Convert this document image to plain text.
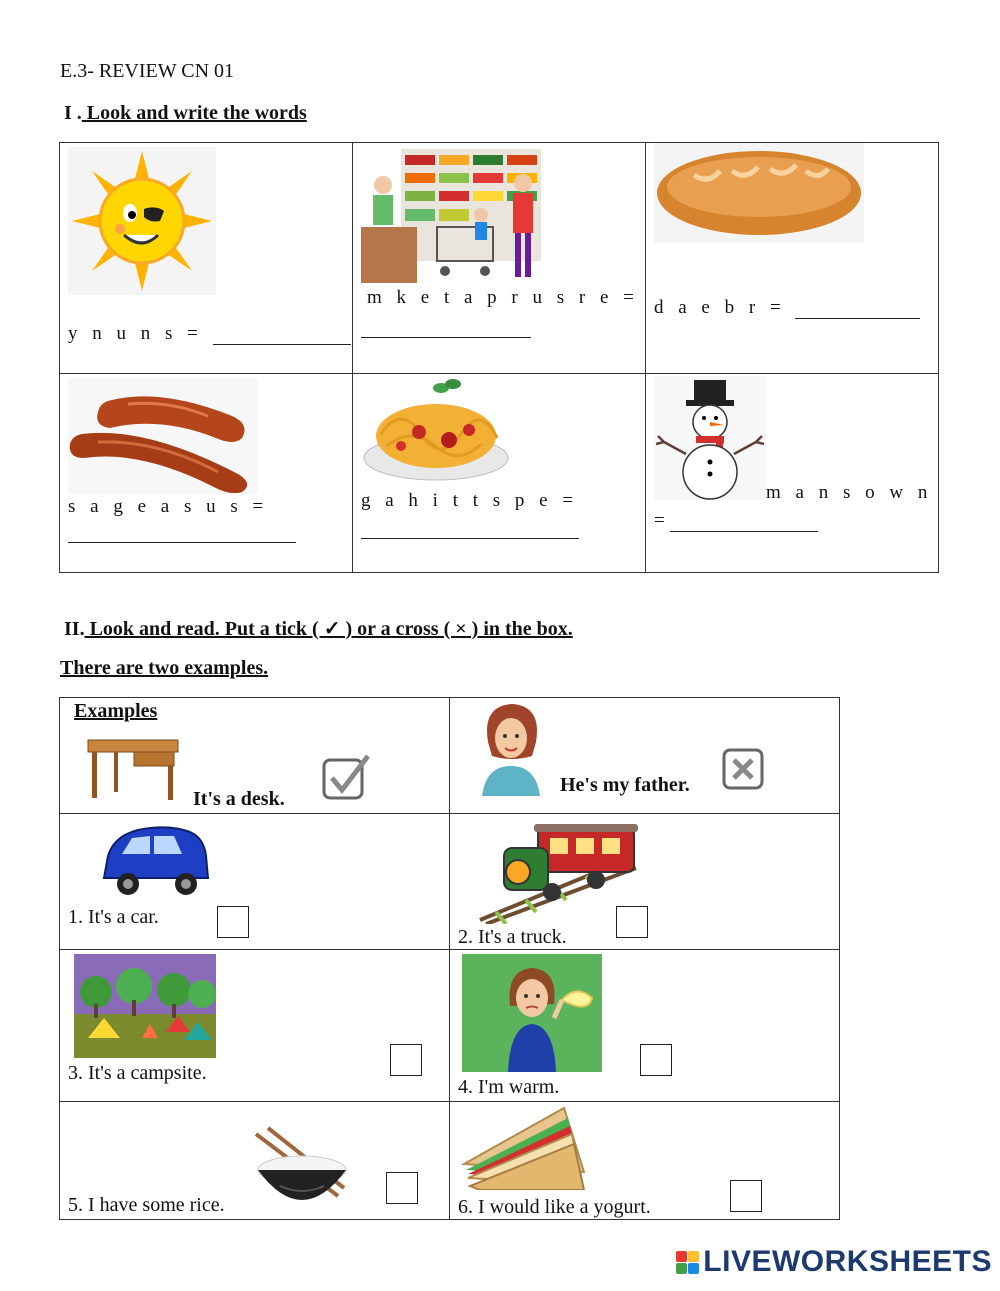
E.3- REVIEW CN 01
I . Look and write the words
y n u n s =	m k e t a p r u s r e =	d a e b r =

s a g e a s u s =	g a h i t t s p e =	m a n s o w n
=
II. Look and read. Put a tick ( ✓ ) or a cross ( × ) in the box.
There are two examples.
Examples
It's a desk.	He's my father.

1. It's a car.	2. It's a truck.

3. It's a campsite.	4. I'm warm.

5. I have some rice.	6. I would like a yogurt.
LIVEWORKSHEETS
